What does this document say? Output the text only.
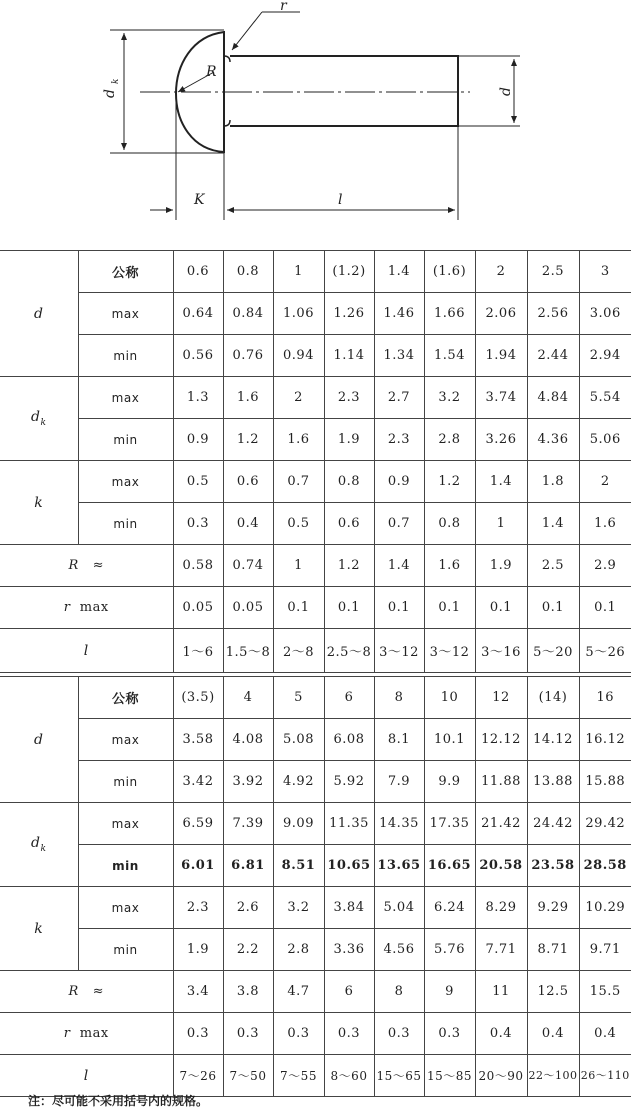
r
R
d
k
d
K	l
d	公称	0.6	0.8	1	(1.2)	1.4	(1.6)	2	2.5	3
	max	0.64	0.84	1.06	1.26	1.46	1.66	2.06	2.56	3.06
	min	0.56	0.76	0.94	1.14	1.34	1.54	1.94	2.44	2.94
$d_k$	max	1.3	1.6	2	2.3	2.7	3.2	3.74	4.84	5.54
	min	0.9	1.2	1.6	1.9	2.3	2.8	3.26	4.36	5.06
k	max	0.5	0.6	0.7	0.8	0.9	1.2	1.4	1.8	2
	min	0.3	0.4	0.5	0.6	0.7	0.8	1	1.4	1.6
R ≈		0.58	0.74	1	1.2	1.4	1.6	1.9	2.5	2.9
r max		0.05	0.05	0.1	0.1	0.1	0.1	0.1	0.1	0.1
l		1～6	1.5～8	2～8	2.5～8	3～12	3～12	3～16	5～20	5～26
d	公称	(3.5)	4	5	6	8	10	12	(14)	16
	max	3.58	4.08	5.08	6.08	8.1	10.1	12.12	14.12	16.12
	min	3.42	3.92	4.92	5.92	7.9	9.9	11.88	13.88	15.88
$d_k$	max	6.59	7.39	9.09	11.35	14.35	17.35	21.42	24.42	29.42
	min	6.01	6.81	8.51	10.65	13.65	16.65	20.58	23.58	28.58
k	max	2.3	2.6	3.2	3.84	5.04	6.24	8.29	9.29	10.29
	min	1.9	2.2	2.8	3.36	4.56	5.76	7.71	8.71	9.71
R ≈		3.4	3.8	4.7	6	8	9	11	12.5	15.5
r max		0.3	0.3	0.3	0.3	0.3	0.3	0.4	0.4	0.4
l		7～26	7～50	7～55	8～60	15～65	15～85	20～90	22～100	26～110
注：尽可能不采用括号内的规格。
